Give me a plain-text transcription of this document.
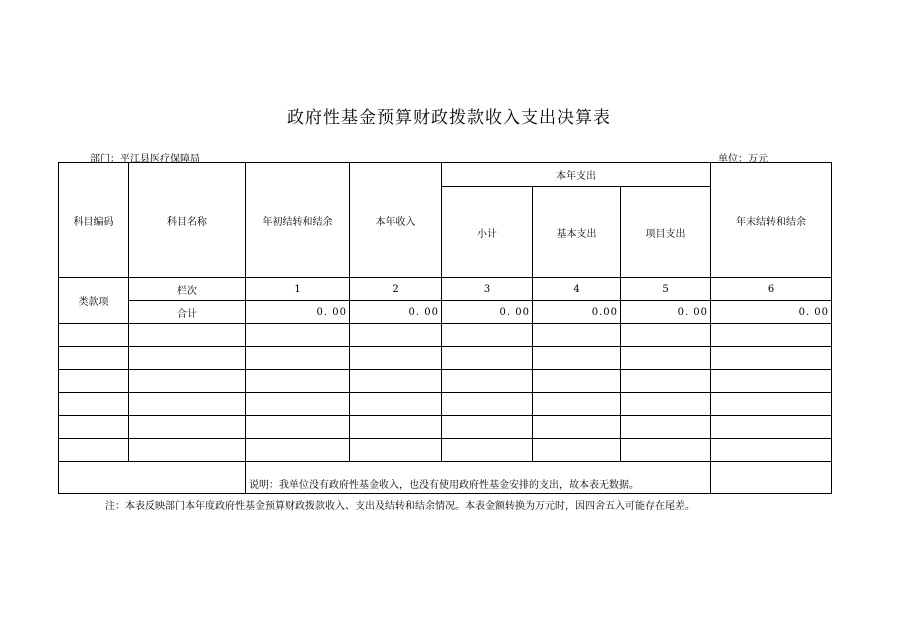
政府性基金预算财政拨款收入支出决算表
部门：平江县医疗保障局	单位：万元
科目编码	科目名称	年初结转和结余	本年收入	本年支出			年末结转和结余
				小计	基本支出	项目支出	
类款项	栏次	1	2	3	4	5	6
	合计	0. 00	0. 00	0. 00	0.00	0. 00	0. 00

		说明：我单位没有政府性基金收入，也没有使用政府性基金安排的支出，故本表无数据。					
注：本表反映部门本年度政府性基金预算财政拨款收入、支出及结转和结余情况。本表金额转换为万元时，因四舍五入可能存在尾差。
